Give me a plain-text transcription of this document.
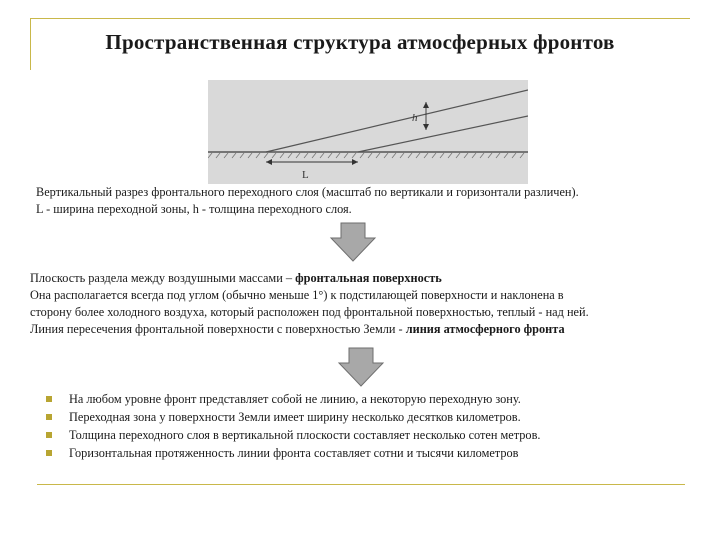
Пространственная структура атмосферных фронтов
h
L
Вертикальный разрез фронтального переходного слоя (масштаб по вертикали и горизонтали различен).
L - ширина переходной зоны, h - толщина переходного слоя.
Плоскость раздела между воздушными массами – фронтальная поверхность
Она располагается всегда под углом (обычно меньше 1°) к подстилающей поверхности и наклонена в
сторону более холодного воздуха, который расположен под фронтальной поверхностью, теплый - над ней.
Линия пересечения фронтальной поверхности с поверхностью Земли - линия атмосферного фронта
На любом уровне фронт представляет собой не линию, а некоторую переходную зону.
Переходная зона у поверхности Земли имеет ширину несколько десятков километров.
Толщина переходного слоя в вертикальной плоскости составляет несколько сотен метров.
Горизонтальная протяженность линии фронта составляет сотни и тысячи километров
